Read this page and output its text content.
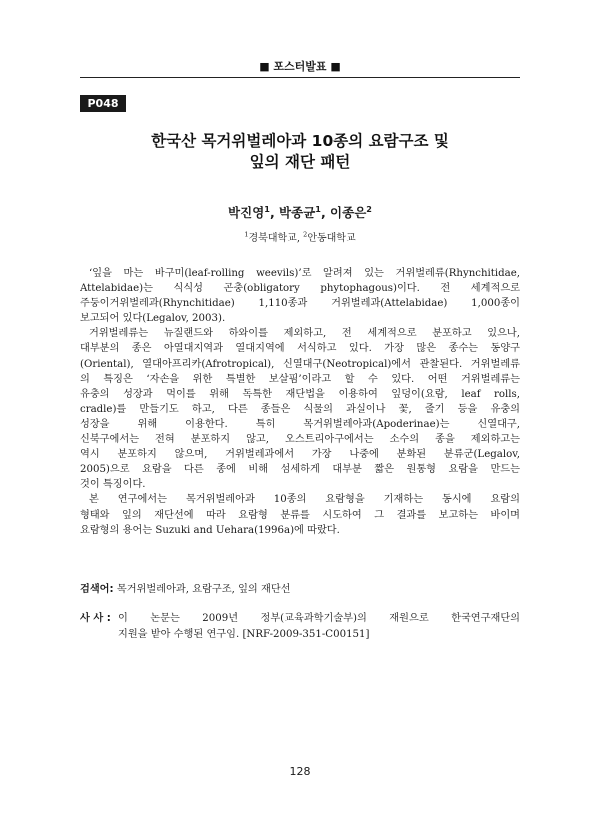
■ 포스터발표 ■
P048
한국산 목거위벌레아과 10종의 요람구조 및
잎의 재단 패턴
박진영$^1$, 박종균$^1$, 이종은$^2$
$^1$경북대학교, $^2$안동대학교
‘잎을 마는 바구미(leaf-rolling weevils)’로 알려져 있는 거위벌레류(Rhynchitidae,
Attelabidae)는 식식성 곤충(obligatory phytophagous)이다. 전 세계적으로
주둥이거위벌레과(Rhynchitidae) 1,110종과 거위벌레과(Attelabidae) 1,000종이
보고되어 있다(Legalov, 2003).
거위벌레류는 뉴질랜드와 하와이를 제외하고, 전 세계적으로 분포하고 있으나,
대부분의 종은 아열대지역과 열대지역에 서식하고 있다. 가장 많은 종수는 동양구
(Oriental), 열대아프리카(Afrotropical), 신열대구(Neotropical)에서 관찰된다. 거위벌레류
의 특징은 ‘자손을 위한 특별한 보살핌’이라고 할 수 있다. 어떤 거위벌레류는
유충의 성장과 먹이를 위해 독특한 재단법을 이용하여 잎덩이(요람, leaf rolls,
cradle)를 만들기도 하고, 다른 종들은 식물의 과실이나 꽃, 줄기 등을 유충의
성장을 위해 이용한다. 특히 목거위벌레아과(Apoderinae)는 신열대구,
신북구에서는 전혀 분포하지 않고, 오스트리아구에서는 소수의 종을 제외하고는
역시 분포하지 않으며, 거위벌레과에서 가장 나중에 분화된 분류군(Legalov,
2005)으로 요람을 다른 종에 비해 섬세하게 대부분 짧은 원통형 요람을 만드는
것이 특징이다.
본 연구에서는 목거위벌레아과 10종의 요람형을 기재하는 동시에 요람의
형태와 잎의 재단선에 따라 요람형 분류를 시도하여 그 결과를 보고하는 바이며
요람형의 용어는 Suzuki and Uehara(1996a)에 따랐다.
검색어: 목거위벌레아과, 요람구조, 잎의 재단선
사 사 : 이 논문는 2009년 정부(교육과학기술부)의 재원으로 한국연구재단의
지원을 받아 수행된 연구임. [NRF-2009-351-C00151]
128
